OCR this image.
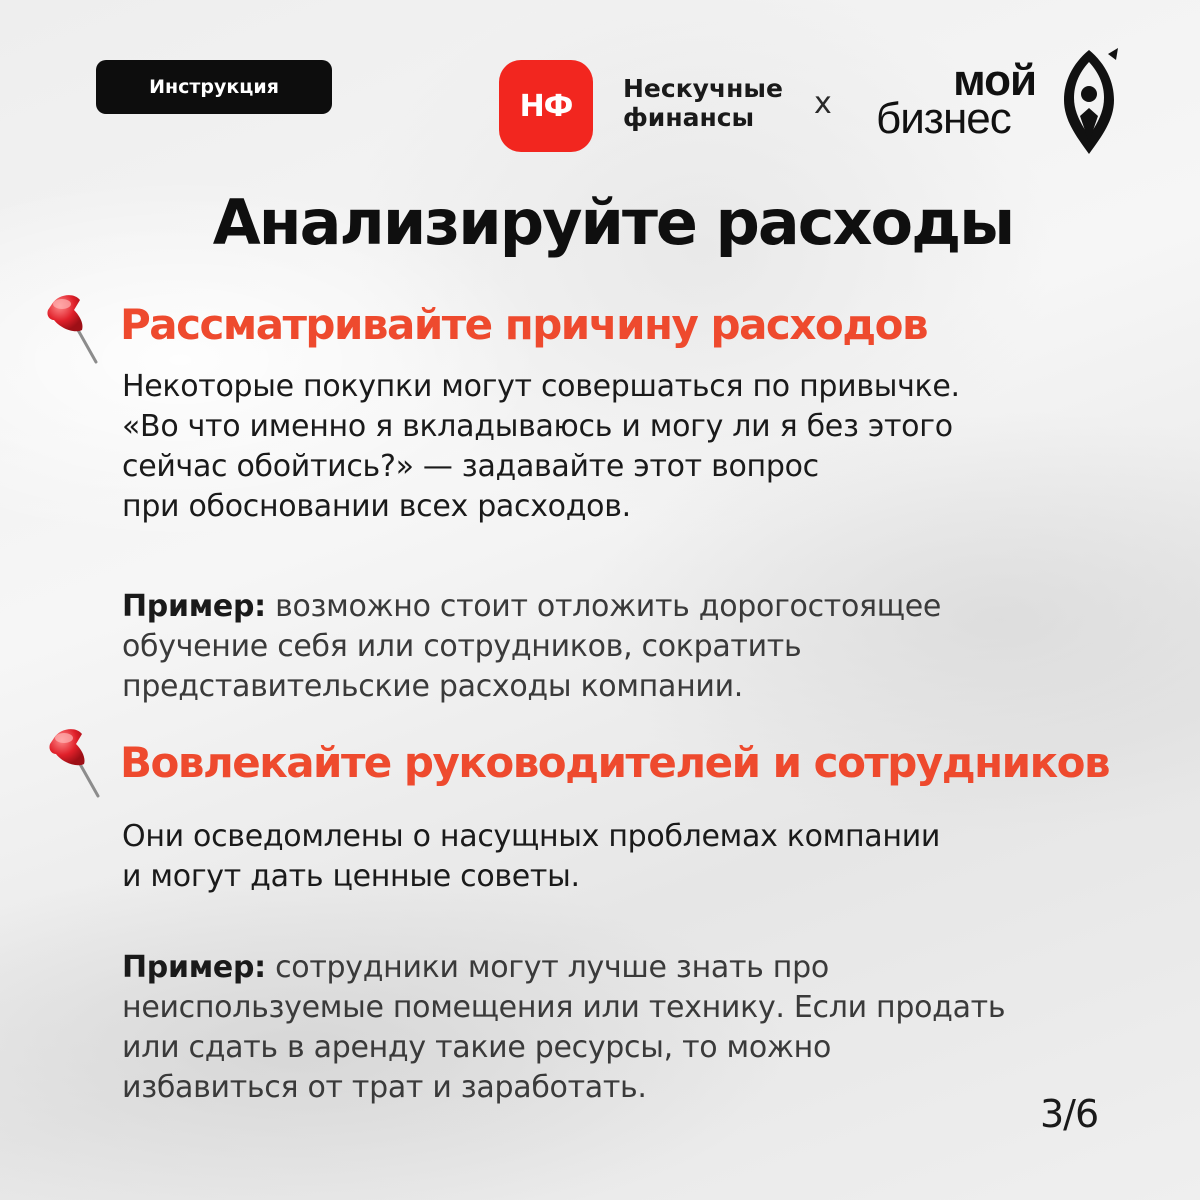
Инструкция
НФ Нескучные
финансы	x	мой
бизнес
Анализируйте расходы
Рассматривайте причину расходов
Некоторые покупки могут совершаться по привычке.
«Во что именно я вкладываюсь и могу ли я без этого
сейчас обойтись?» — задавайте этот вопрос
при обосновании всех расходов.
Пример: возможно стоит отложить дорогостоящее
обучение себя или сотрудников, сократить
представительские расходы компании.
Вовлекайте руководителей и сотрудников
Они осведомлены о насущных проблемах компании
и могут дать ценные советы.
Пример: сотрудники могут лучше знать про
неиспользуемые помещения или технику. Если продать
или сдать в аренду такие ресурсы, то можно
избавиться от трат и заработать.
3/6
